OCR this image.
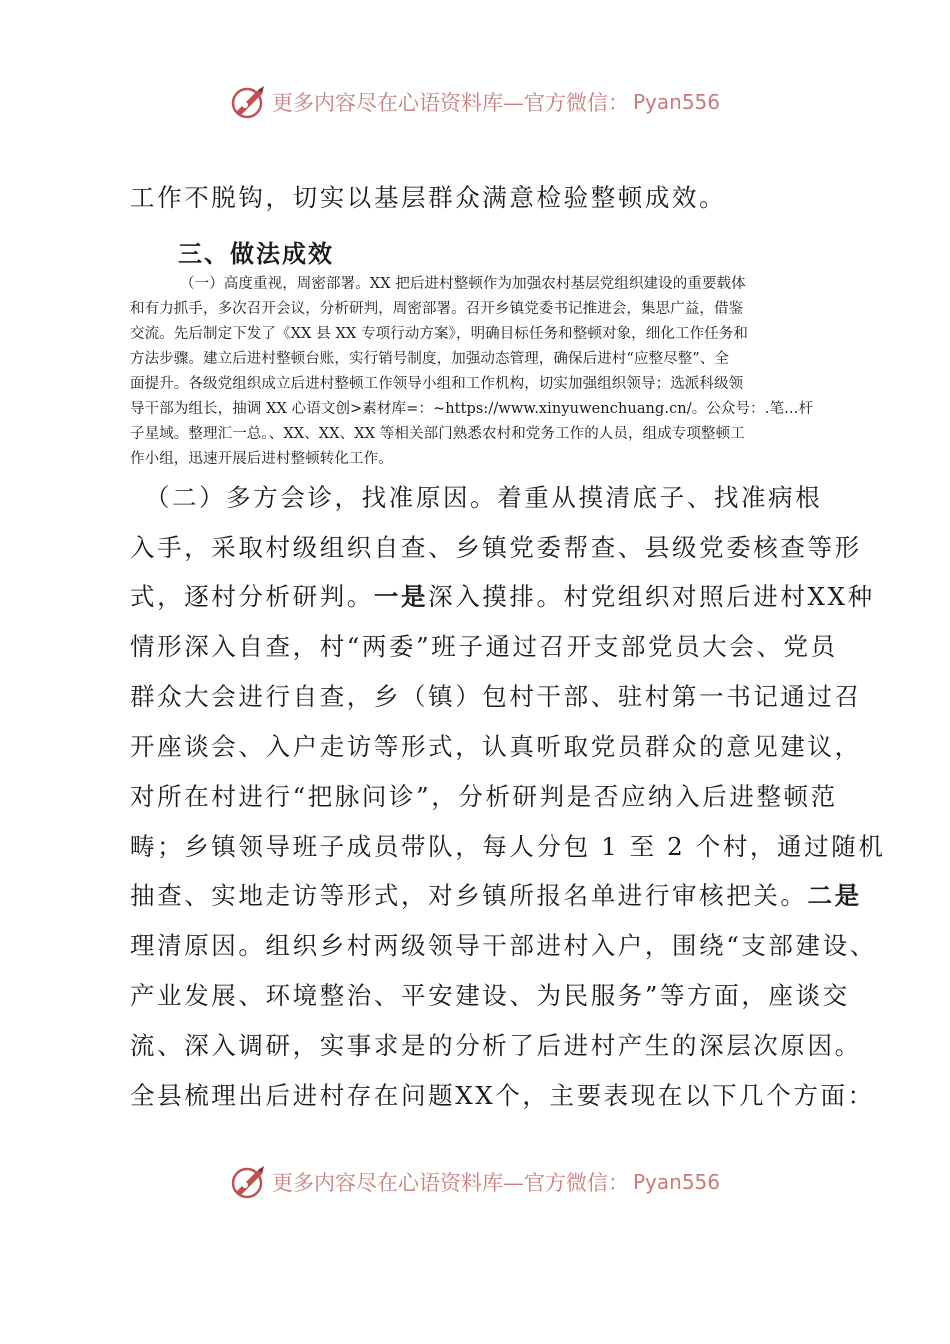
更多内容尽在心语资料库—官方微信： Pyan556
工作不脱钩，切实以基层群众满意检验整顿成效。
三、做法成效
（一）高度重视，周密部署。XX 把后进村整顿作为加强农村基层党组织建设的重要载体
和有力抓手，多次召开会议，分析研判，周密部署。召开乡镇党委书记推进会，集思广益，借鉴
交流。先后制定下发了《XX 县 XX 专项行动方案》，明确目标任务和整顿对象，细化工作任务和
方法步骤。建立后进村整顿台账，实行销号制度，加强动态管理，确保后进村“应整尽整”、全
面提升。各级党组织成立后进村整顿工作领导小组和工作机构，切实加强组织领导；选派科级领
导干部为组长，抽调 XX 心语文创>素材库=：~https://www.xinyuwenchuang.cn/。公众号：.笔…杆
子星域。整理汇一总。、XX、XX、XX 等相关部门熟悉农村和党务工作的人员，组成专项整顿工
作小组，迅速开展后进村整顿转化工作。
　（二）多方会诊，找准原因。着重从摸清底子、找准病根
入手，采取村级组织自查、乡镇党委帮查、县级党委核查等形
式，逐村分析研判。一是深入摸排。村党组织对照后进村XX种
情形深入自查，村“两委”班子通过召开支部党员大会、党员
群众大会进行自查，乡（镇）包村干部、驻村第一书记通过召
开座谈会、入户走访等形式，认真听取党员群众的意见建议，
对所在村进行“把脉问诊”，分析研判是否应纳入后进整顿范
畴；乡镇领导班子成员带队，每人分包 1 至 2 个村，通过随机
抽查、实地走访等形式，对乡镇所报名单进行审核把关。二是
理清原因。组织乡村两级领导干部进村入户，围绕“支部建设、
产业发展、环境整治、平安建设、为民服务”等方面，座谈交
流、深入调研，实事求是的分析了后进村产生的深层次原因。
全县梳理出后进村存在问题XX个，主要表现在以下几个方面：
更多内容尽在心语资料库—官方微信： Pyan556
